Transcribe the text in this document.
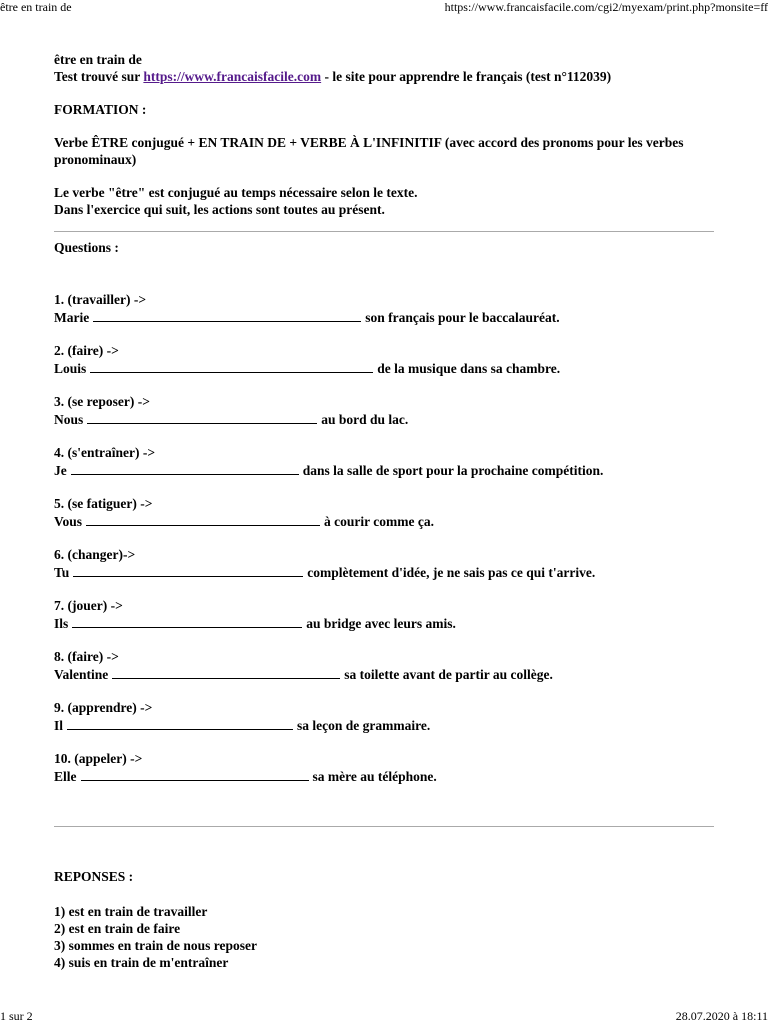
être en train de	https://www.francaisfacile.com/cgi2/myexam/print.php?monsite=ff

être en train de

Test trouvé sur https://www.francaisfacile.com - le site pour apprendre le français (test n°112039)

FORMATION :

Verbe ÊTRE conjugué + EN TRAIN DE + VERBE À L'INFINITIF (avec accord des pronoms pour les verbes pronominaux)

Le verbe "être" est conjugué au temps nécessaire selon le texte.

Dans l'exercice qui suit, les actions sont toutes au présent.

Questions :
1. (travailler) ->
Marie	son français pour le baccalauréat.
2. (faire) ->
Louis	de la musique dans sa chambre.
3. (se reposer) ->
Nous	au bord du lac.
4. (s'entraîner) ->
Je	dans la salle de sport pour la prochaine compétition.
5. (se fatiguer) ->
Vous	à courir comme ça.
6. (changer)->
Tu	complètement d'idée, je ne sais pas ce qui t'arrive.
7. (jouer) ->
Ils	au bridge avec leurs amis.
8. (faire) ->
Valentine	sa toilette avant de partir au collège.
9. (apprendre) ->
Il	sa leçon de grammaire.
10. (appeler) ->
Elle	sa mère au téléphone.
REPONSES :
1) est en train de travailler
2) est en train de faire
3) sommes en train de nous reposer
4) suis en train de m'entraîner
1 sur 2	28.07.2020 à 18:11
